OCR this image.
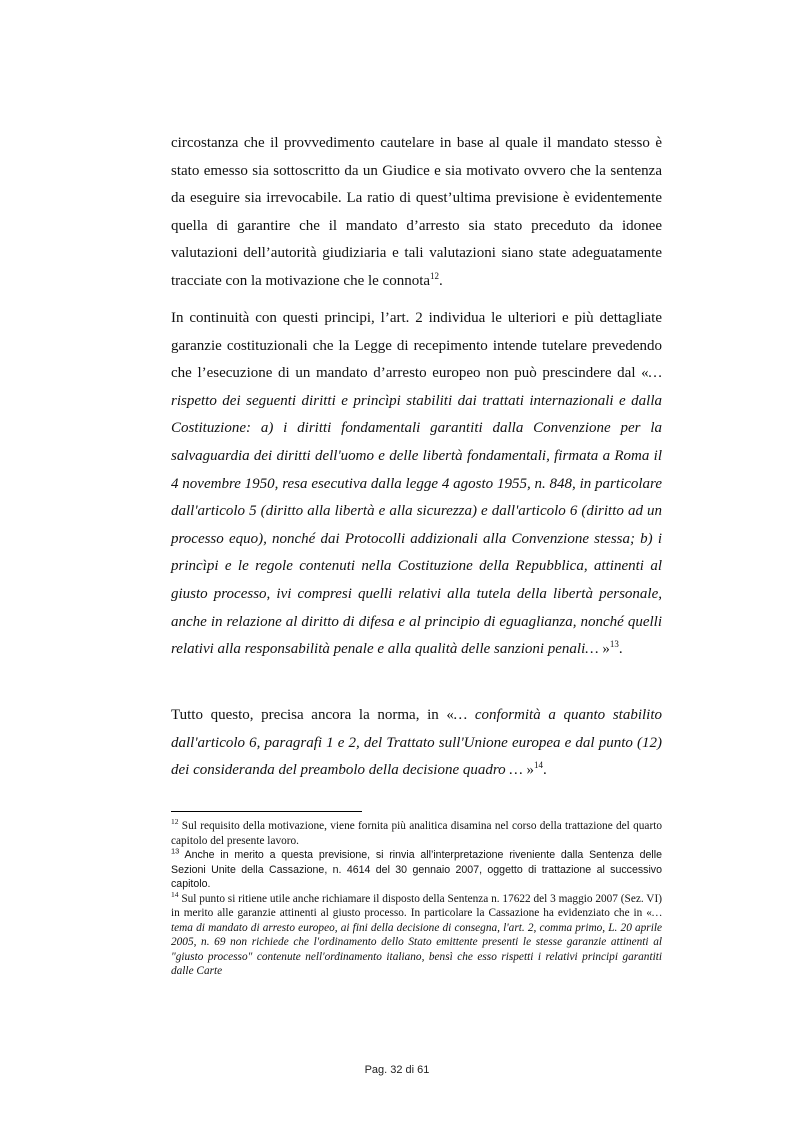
circostanza che il provvedimento cautelare in base al quale il mandato stesso è stato emesso sia sottoscritto da un Giudice e sia motivato ovvero che la sentenza da eseguire sia irrevocabile. La ratio di quest’ultima previsione è evidentemente quella di garantire che il mandato d’arresto sia stato preceduto da idonee valutazioni dell’autorità giudiziaria e tali valutazioni siano state adeguatamente tracciate con la motivazione che le connota$^{12}$.

In continuità con questi principi, l’art. 2 individua le ulteriori e più dettagliate garanzie costituzionali che la Legge di recepimento intende tutelare prevedendo che l’esecuzione di un mandato d’arresto europeo non può prescindere dal «… rispetto dei seguenti diritti e princìpi stabiliti dai trattati internazionali e dalla Costituzione: a) i diritti fondamentali garantiti dalla Convenzione per la salvaguardia dei diritti dell'uomo e delle libertà fondamentali, firmata a Roma il 4 novembre 1950, resa esecutiva dalla legge 4 agosto 1955, n. 848, in particolare dall'articolo 5 (diritto alla libertà e alla sicurezza) e dall'articolo 6 (diritto ad un processo equo), nonché dai Protocolli addizionali alla Convenzione stessa; b) i princìpi e le regole contenuti nella Costituzione della Repubblica, attinenti al giusto processo, ivi compresi quelli relativi alla tutela della libertà personale, anche in relazione al diritto di difesa e al principio di eguaglianza, nonché quelli relativi alla responsabilità penale e alla qualità delle sanzioni penali… »$^{13}$.

Tutto questo, precisa ancora la norma, in «… conformità a quanto stabilito dall'articolo 6, paragrafi 1 e 2, del Trattato sull'Unione europea e dal punto (12) dei consideranda del preambolo della decisione quadro … »$^{14}$.

$^{12}$ Sul requisito della motivazione, viene fornita più analitica disamina nel corso della trattazione del quarto capitolo del presente lavoro.

$^{13}$ Anche in merito a questa previsione, si rinvia all’interpretazione riveniente dalla Sentenza delle Sezioni Unite della Cassazione, n. 4614 del 30 gennaio 2007, oggetto di trattazione al successivo capitolo.

$^{14}$ Sul punto si ritiene utile anche richiamare il disposto della Sentenza n. 17622 del 3 maggio 2007 (Sez. VI) in merito alle garanzie attinenti al giusto processo. In particolare la Cassazione ha evidenziato che in «…tema di mandato di arresto europeo, ai fini della decisione di consegna, l'art. 2, comma primo, L. 20 aprile 2005, n. 69 non richiede che l'ordinamento dello Stato emittente presenti le stesse garanzie attinenti al "giusto processo" contenute nell'ordinamento italiano, bensì che esso rispetti i relativi principi garantiti dalle Carte

Pag. 32 di 61
